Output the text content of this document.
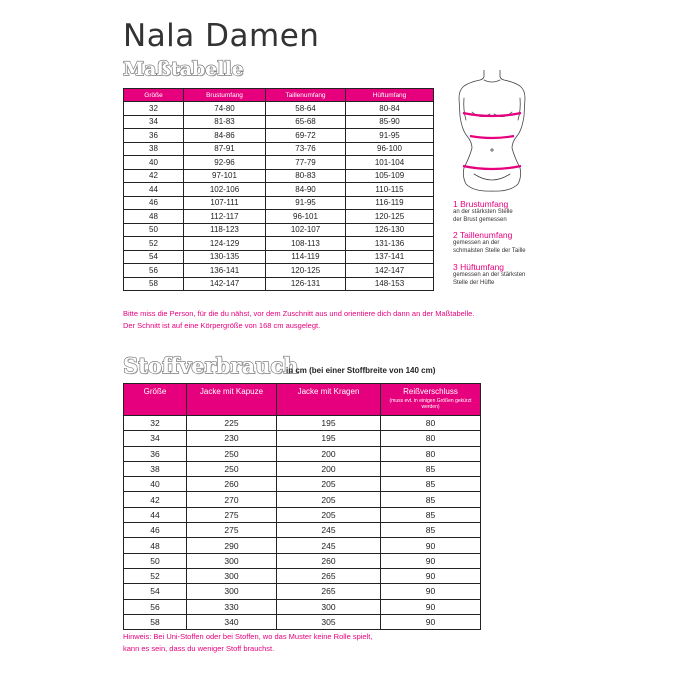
Nala Damen
Maßtabelle
Größe	Brustumfang	Taillenumfang	Hüftumfang
32	74-80	58-64	80-84
34	81-83	65-68	85-90
36	84-86	69-72	91-95
38	87-91	73-76	96-100
40	92-96	77-79	101-104
42	97-101	80-83	105-109
44	102-106	84-90	110-115
46	107-111	91-95	116-119
48	112-117	96-101	120-125
50	118-123	102-107	126-130
52	124-129	108-113	131-136
54	130-135	114-119	137-141
56	136-141	120-125	142-147
58	142-147	126-131	148-153
Bitte miss die Person, für die du nähst, vor dem Zuschnitt aus und orientiere dich dann an der Maßtabelle.
Der Schnitt ist auf eine Körpergröße von 168 cm ausgelegt.
1 Brustumfang
an der stärksten Stelle
der Brust gemessen
2 Taillenumfang
gemessen an der
schmalsten Stelle der Taille
3 Hüftumfang
gemessen an der stärksten
Stelle der Hüfte
Stoffverbrauch
in cm (bei einer Stoffbreite von 140 cm)
Größe	Jacke mit Kapuze	Jacke mit Kragen	Reißverschluss
(muss evt. in einigen Größen gekürzt werden)

32	225	195	80
34	230	195	80
36	250	200	80
38	250	200	85
40	260	205	85
42	270	205	85
44	275	205	85
46	275	245	85
48	290	245	90
50	300	260	90
52	300	265	90
54	300	265	90
56	330	300	90
58	340	305	90
Hinweis: Bei Uni-Stoffen oder bei Stoffen, wo das Muster keine Rolle spielt,
kann es sein, dass du weniger Stoff brauchst.
